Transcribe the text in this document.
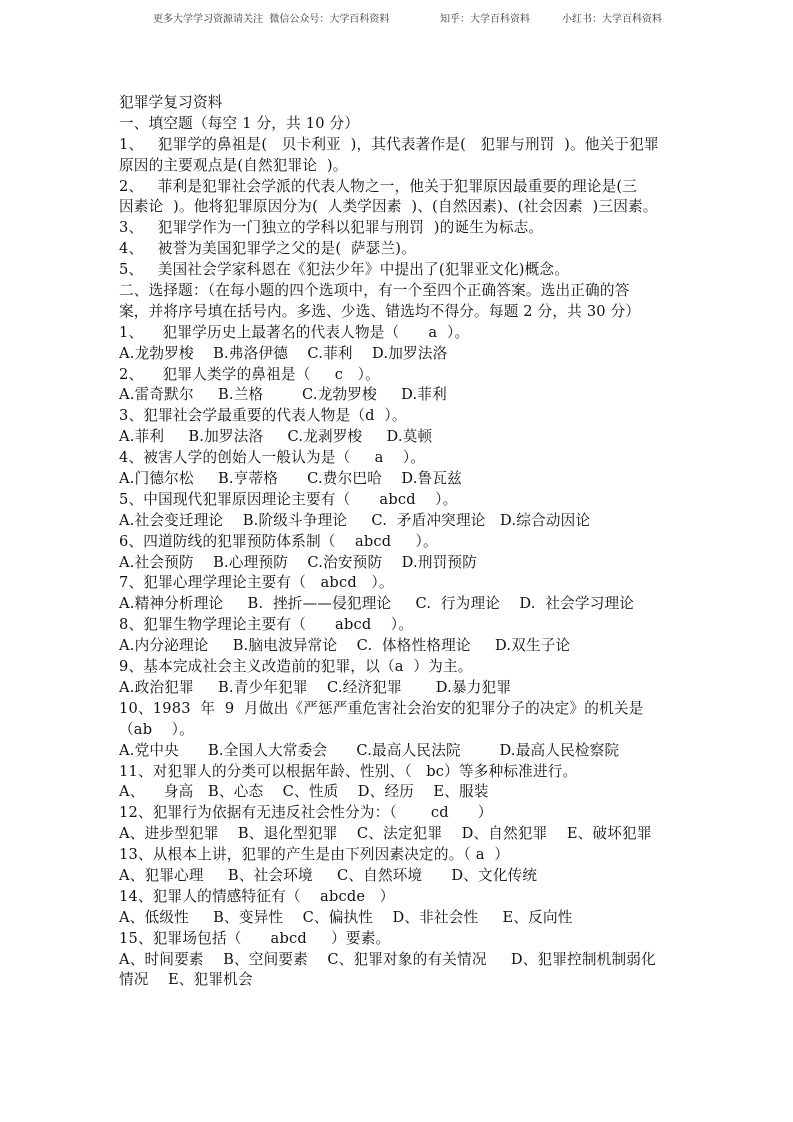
更多大学学习资源请关注  微信公众号：大学百科资料	知乎：大学百科资料	小红书：大学百科资料
犯罪学复习资料
一、填空题（每空 1 分，共 10 分）
1、   犯罪学的鼻祖是(   贝卡利亚  )，其代表著作是(   犯罪与刑罚  )。他关于犯罪
原因的主要观点是(自然犯罪论  )。
2、   菲利是犯罪社会学派的代表人物之一，他关于犯罪原因最重要的理论是(三
因素论  )。他将犯罪原因分为(  人类学因素  )、(自然因素)、(社会因素  )三因素。
3、   犯罪学作为一门独立的学科以犯罪与刑罚  )的诞生为标志。
4、   被誉为美国犯罪学之父的是(  萨瑟兰)。
5、   美国社会学家科恩在《犯法少年》中提出了(犯罪亚文化)概念。
二、选择题：（在每小题的四个选项中，有一个至四个正确答案。选出正确的答
案，并将序号填在括号内。多选、少选、错选均不得分。每题 2 分，共 30 分）
1、    犯罪学历史上最著名的代表人物是（      a  ）。
A.龙勃罗梭    B.弗洛伊德    C.菲利    D.加罗法洛
2、    犯罪人类学的鼻祖是（     c   ）。
A.雷奇默尔     B.兰格        C.龙勃罗梭     D.菲利
3、犯罪社会学最重要的代表人物是（d  ）。
A.菲利     B.加罗法洛     C.龙剥罗梭     D.莫顿
4、被害人学的创始人一般认为是（     a    ）。
A.门德尔松     B.亨蒂格      C.费尔巴哈    D.鲁瓦兹
5、中国现代犯罪原因理论主要有（      abcd    ）。
A.社会变迁理论    B.阶级斗争理论     C.  矛盾冲突理论   D.综合动因论
6、四道防线的犯罪预防体系制（    abcd     ）。
A.社会预防    B.心理预防    C.治安预防    D.刑罚预防
7、犯罪心理学理论主要有（   abcd   ）。
A.精神分析理论     B.  挫折——侵犯理论     C.  行为理论    D.  社会学习理论
8、犯罪生物学理论主要有（      abcd    ）。
A.内分泌理论     B.脑电波异常论    C.  体格性格理论     D.双生子论
9、基本完成社会主义改造前的犯罪，以（a  ）为主。
A.政治犯罪     B.青少年犯罪    C.经济犯罪       D.暴力犯罪
10、1983  年  9  月做出《严惩严重危害社会治安的犯罪分子的决定》的机关是
（ab    ）。
A.党中央      B.全国人大常委会      C.最高人民法院        D.最高人民检察院
11、对犯罪人的分类可以根据年龄、性别、（   bc）等多种标准进行。
A、    身高   B、心态    C、性质    D、经历    E、服装
12、犯罪行为依据有无违反社会性分为：（       cd      ）
A、进步型犯罪    B、退化型犯罪    C、法定犯罪    D、自然犯罪    E、破坏犯罪
13、从根本上讲，犯罪的产生是由下列因素决定的。（ a  ）
A、犯罪心理     B、社会环境     C、自然环境      D、文化传统
14、犯罪人的情感特征有（    abcde   ）
A、低级性     B、变异性    C、偏执性    D、非社会性     E、反向性
15、犯罪场包括（      abcd     ）要素。
A、时间要素    B、空间要素    C、犯罪对象的有关情况     D、犯罪控制机制弱化
情况    E、犯罪机会
